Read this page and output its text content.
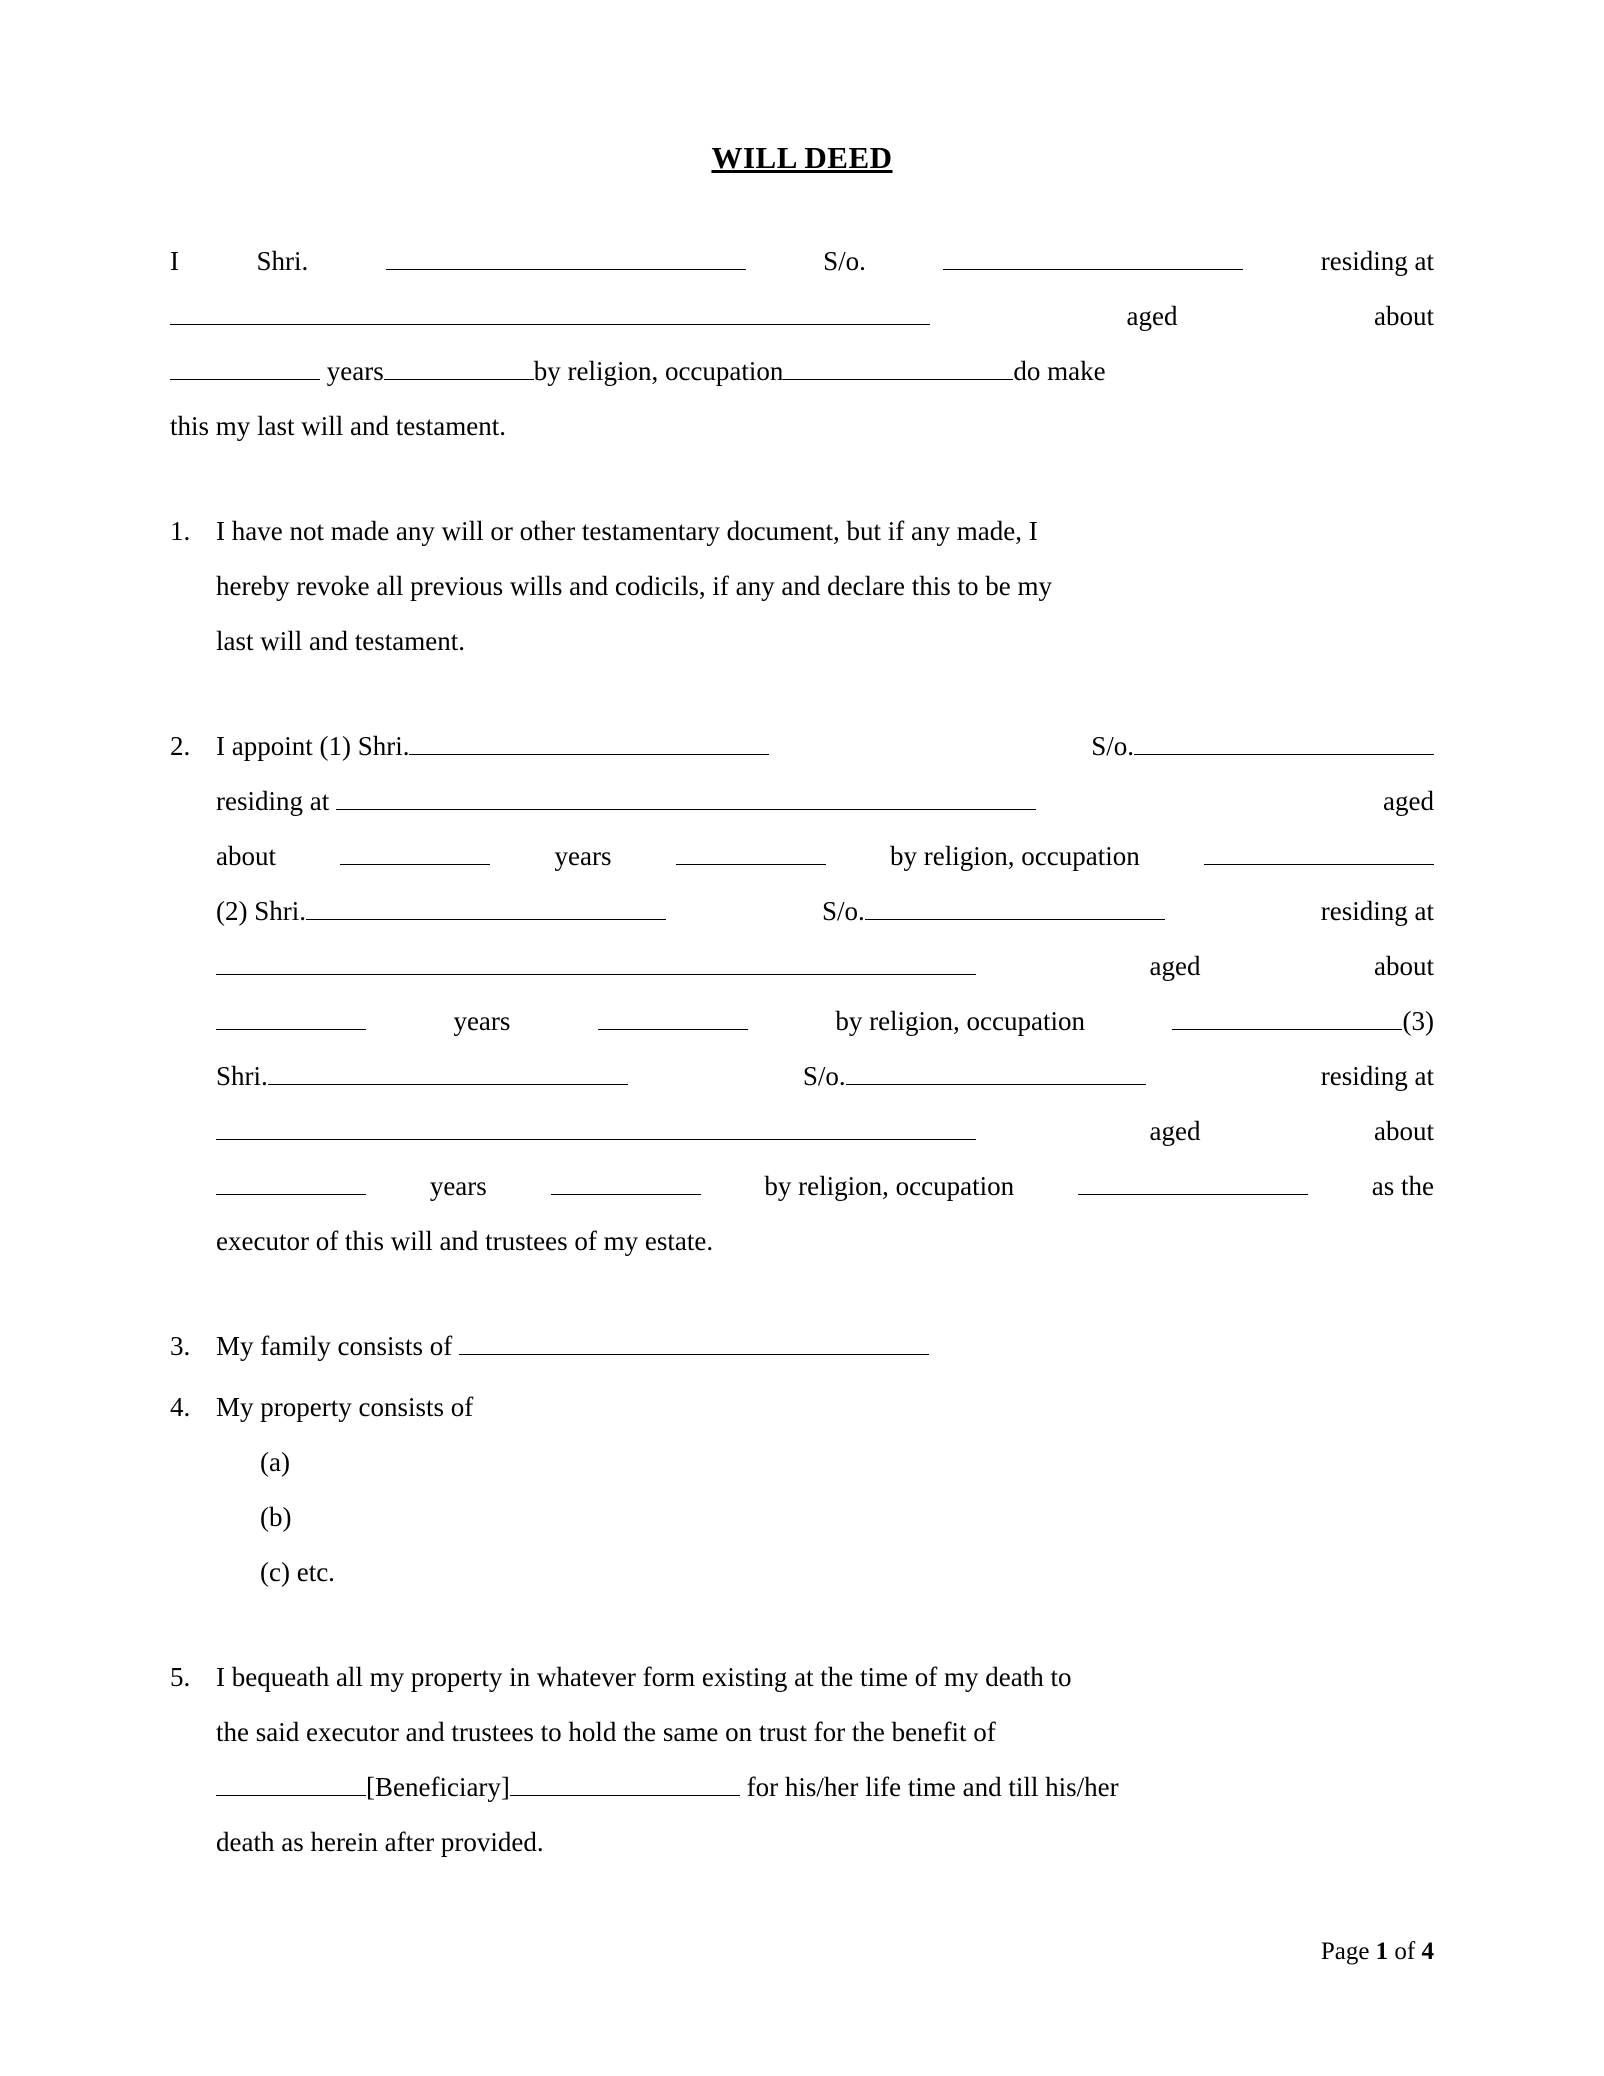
WILL DEED
I	Shri.	S/o.	residing at
aged	about
years	by religion, occupation	do make
this my last will and testament.
1. I have not made any will or other testamentary document, but if any made, I
hereby revoke all previous wills and codicils, if any and declare this to be my
last will and testament.
2. I appoint (1) Shri.	S/o.
residing at	aged
about	years	by religion, occupation
(2) Shri.	S/o.	residing at
aged	about
years	by religion, occupation	(3)
Shri.	S/o.	residing at
aged	about
years	by religion, occupation	as the
executor of this will and trustees of my estate.
3. My family consists of
4. My property consists of
(a)
(b)
(c) etc.
5. I bequeath all my property in whatever form existing at the time of my death to
the said executor and trustees to hold the same on trust for the benefit of
[Beneficiary]	for his/her life time and till his/her
death as herein after provided.
Page 1 of 4
